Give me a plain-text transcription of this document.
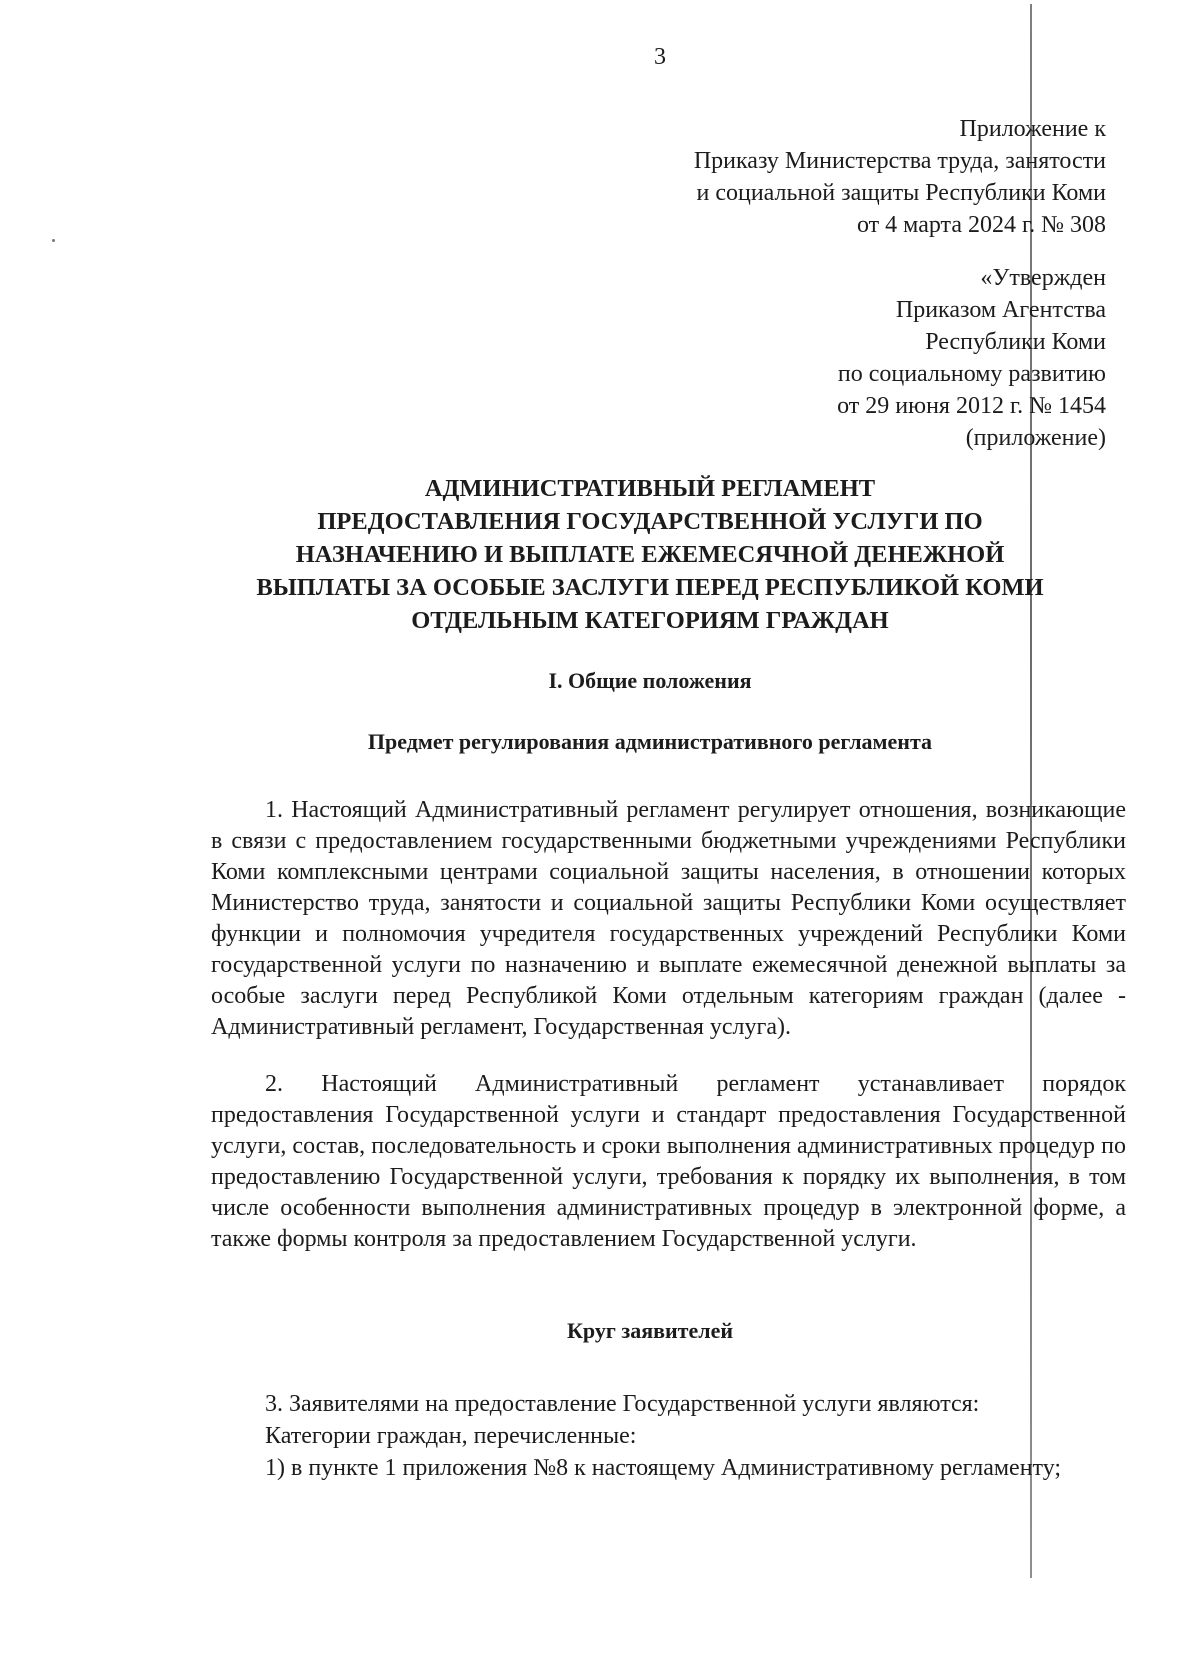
3
Приложение к
Приказу Министерства труда, занятости
и социальной защиты Республики Коми
от 4 марта 2024 г. № 308
«Утвержден
Приказом Агентства
Республики Коми
по социальному развитию
от 29 июня 2012 г. № 1454
(приложение)
АДМИНИСТРАТИВНЫЙ РЕГЛАМЕНТ
ПРЕДОСТАВЛЕНИЯ ГОСУДАРСТВЕННОЙ УСЛУГИ ПО
НАЗНАЧЕНИЮ И ВЫПЛАТЕ ЕЖЕМЕСЯЧНОЙ ДЕНЕЖНОЙ
ВЫПЛАТЫ ЗА ОСОБЫЕ ЗАСЛУГИ ПЕРЕД РЕСПУБЛИКОЙ КОМИ
ОТДЕЛЬНЫМ КАТЕГОРИЯМ ГРАЖДАН
I. Общие положения
Предмет регулирования административного регламента

1. Настоящий Административный регламент регулирует отношения, возникающие в связи с предоставлением государственными бюджетными учреждениями Республики Коми комплексными центрами социальной защиты населения, в отношении которых Министерство труда, занятости и социальной защиты Республики Коми осуществляет функции и полномочия учредителя государственных учреждений Республики Коми государственной услуги по назначению и выплате ежемесячной денежной выплаты за особые заслуги перед Республикой Коми отдельным категориям граждан (далее - Административный регламент, Государственная услуга).

2. Настоящий Административный регламент устанавливает порядок предоставления Государственной услуги и стандарт предоставления Государственной услуги, состав, последовательность и сроки выполнения административных процедур по предоставлению Государственной услуги, требования к порядку их выполнения, в том числе особенности выполнения административных процедур в электронной форме, а также формы контроля за предоставлением Государственной услуги.

Круг заявителей

3. Заявителями на предоставление Государственной услуги являются:

Категории граждан, перечисленные:

1) в пункте 1 приложения №8 к настоящему Административному регламенту;
